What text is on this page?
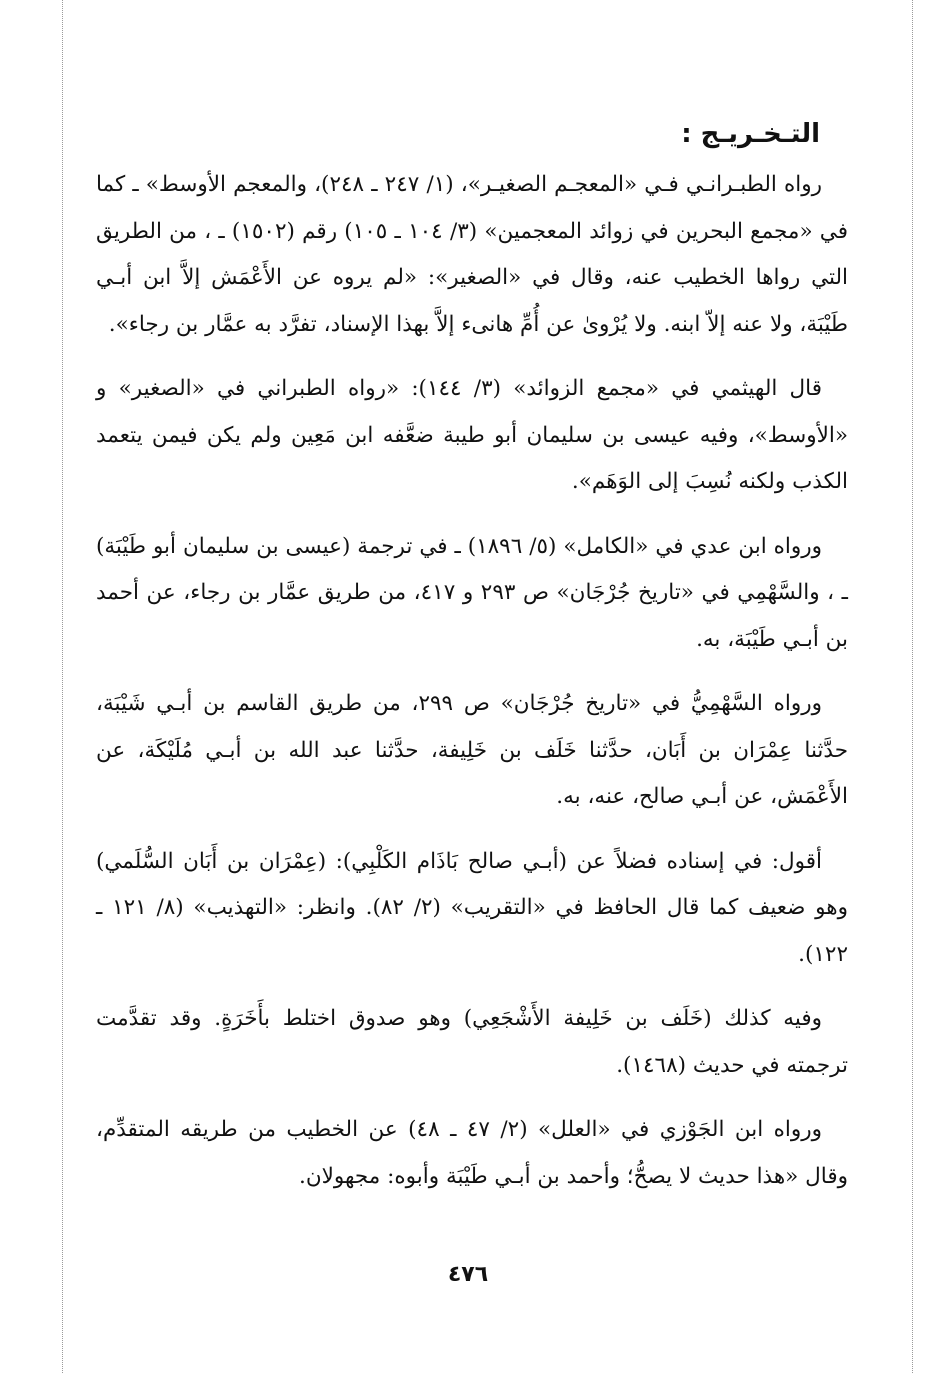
التـخـريـج :

رواه الطبـرانـي فـي «المعجـم الصغيـر»، (١/ ٢٤٧ ـ ٢٤٨)، والمعجم الأوسط» ـ كما في «مجمع البحرين في زوائد المعجمين» (٣/ ١٠٤ ـ ١٠٥) رقم (١٥٠٢) ـ ، من الطريق التي رواها الخطيب عنه، وقال في «الصغير»: «لم يروه عن الأَعْمَش إلاَّ ابن أبـي طَيْبَة، ولا عنه إلاّ ابنه. ولا يُرْوىٰ عن أُمِّ هانىء إلاَّ بهذا الإسناد، تفرَّد به عمَّار بن رجاء».

قال الهيثمي في «مجمع الزوائد» (٣/ ١٤٤): «رواه الطبراني في «الصغير» و «الأوسط»، وفيه عيسى بن سليمان أبو طيبة ضعَّفه ابن مَعِين ولم يكن فيمن يتعمد الكذب ولكنه نُسِبَ إلى الوَهَم».

ورواه ابن عدي في «الكامل» (٥/ ١٨٩٦) ـ في ترجمة (عيسى بن سليمان أبو طَيْبَة) ـ ، والسَّهْمِي في «تاريخ جُرْجَان» ص ٢٩٣ و ٤١٧، من طريق عمَّار بن رجاء، عن أحمد بن أبـي طَيْبَة، به.

ورواه السَّهْمِيُّ في «تاريخ جُرْجَان» ص ٢٩٩، من طريق القاسم بن أبـي شَيْبَة، حدَّثنا عِمْرَان بن أَبَان، حدَّثنا خَلَف بن خَلِيفة، حدَّثنا عبد الله بن أبـي مُلَيْكَة، عن الأَعْمَش، عن أبـي صالح، عنه، به.

أقول: في إسناده فضلاً عن (أبـي صالح بَاذَام الكَلْبِي): (عِمْرَان بن أَبَان السُّلَمي) وهو ضعيف كما قال الحافظ في «التقريب» (٢/ ٨٢). وانظر: «التهذيب» (٨/ ١٢١ ـ ١٢٢).

وفيه كذلك (خَلَف بن خَلِيفة الأَشْجَعِي) وهو صدوق اختلط بأَخَرَةٍ. وقد تقدَّمت ترجمته في حديث (١٤٦٨).

ورواه ابن الجَوْزي في «العلل» (٢/ ٤٧ ـ ٤٨) عن الخطيب من طريقه المتقدِّم، وقال «هذا حديث لا يصحُّ؛ وأحمد بن أبـي طَيْبَة وأبوه: مجهولان.

٤٧٦
